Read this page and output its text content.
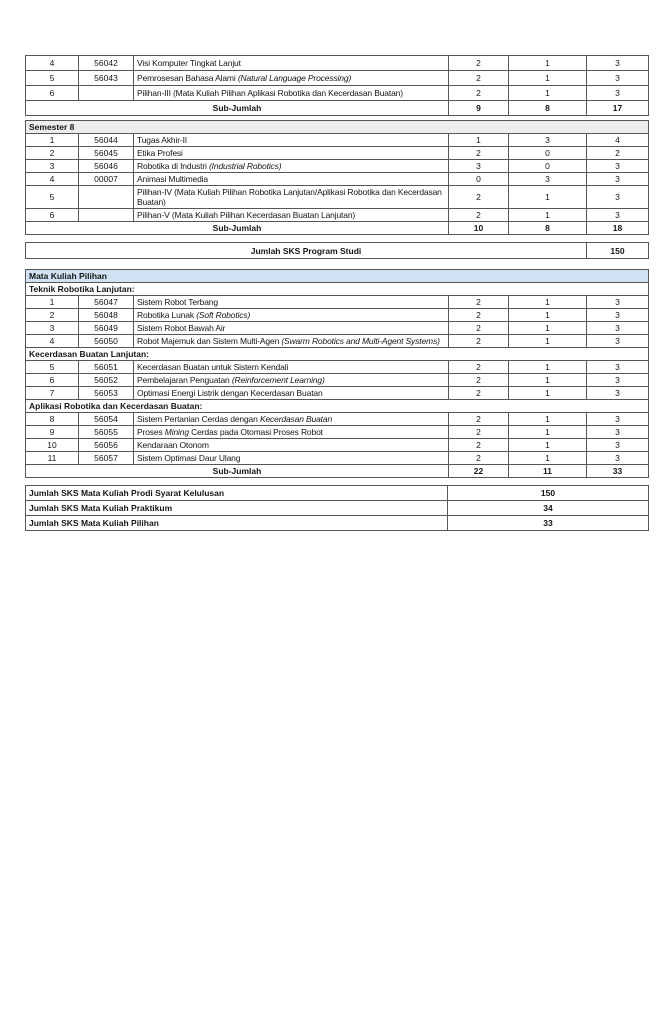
4	56042	Visi Komputer Tingkat Lanjut	2	1	3
5	56043	Pemrosesan Bahasa Alami (Natural Language Processing)	2	1	3
6		Pilihan-III (Mata Kuliah Pilihan Aplikasi Robotika dan Kecerdasan Buatan)	2	1	3
Sub-Jumlah			9	8	17
Semester 8					
1	56044	Tugas Akhir-II	1	3	4
2	56045	Etika Profesi	2	0	2
3	56046	Robotika di Industri (Industrial Robotics)	3	0	3
4	00007	Animasi Multimedia	0	3	3
5		Pilihan-IV (Mata Kuliah Pilihan Robotika Lanjutan/Aplikasi Robotika dan Kecerdasan Buatan)	2	1	3
6		Pilihan-V (Mata Kuliah Pilihan Kecerdasan Buatan Lanjutan)	2	1	3
Sub-Jumlah			10	8	18
Jumlah SKS Program Studi	150
Mata Kuliah Pilihan					
Teknik Robotika Lanjutan:					
1	56047	Sistem Robot Terbang	2	1	3
2	56048	Robotika Lunak (Soft Robotics)	2	1	3
3	56049	Sistem Robot Bawah Air	2	1	3
4	56050	Robot Majemuk dan Sistem Multi-Agen (Swarm Robotics and Multi-Agent Systems)	2	1	3
Kecerdasan Buatan Lanjutan:					
5	56051	Kecerdasan Buatan untuk Sistem Kendali	2	1	3
6	56052	Pembelajaran Penguatan (Reinforcement Learning)	2	1	3
7	56053	Optimasi Energi Listrik dengan Kecerdasan Buatan	2	1	3
Aplikasi Robotika dan Kecerdasan Buatan:					
8	56054	Sistem Pertanian Cerdas dengan Kecerdasan Buatan	2	1	3
9	56055	Proses Mining Cerdas pada Otomasi Proses Robot	2	1	3
10	56056	Kendaraan Otonom	2	1	3
11	56057	Sistem Optimasi Daur Ulang	2	1	3
Sub-Jumlah			22	11	33
Jumlah SKS Mata Kuliah Prodi Syarat Kelulusan	150
Jumlah SKS Mata Kuliah Praktikum	34
Jumlah SKS Mata Kuliah Pilihan	33
